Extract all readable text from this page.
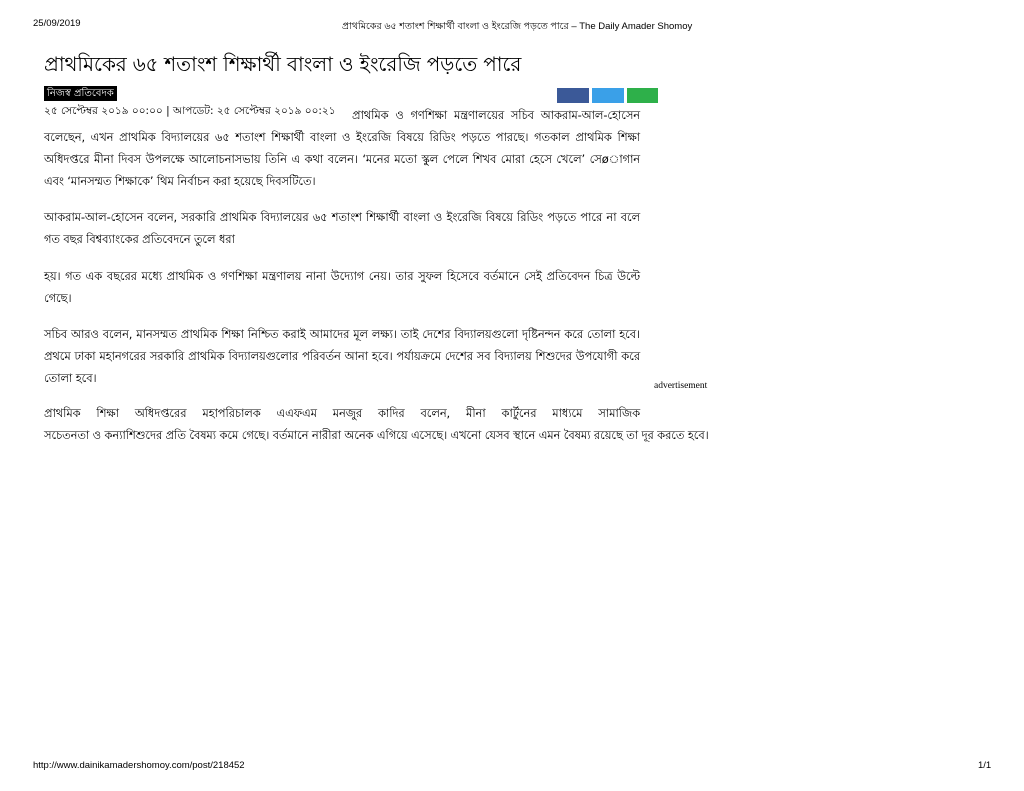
25/09/2019	প্রাথমিকের ৬৫ শতাংশ শিক্ষার্থী বাংলা ও ইংরেজি পড়তে পারে – The Daily Amader Shomoy
প্রাথমিকের ৬৫ শতাংশ শিক্ষার্থী বাংলা ও ইংরেজি পড়তে পারে
নিজস্ব প্রতিবেদক
২৫ সেপ্টেম্বর ২০১৯ ০০:০০ | আপডেট: ২৫ সেপ্টেম্বর ২০১৯ ০০:২১	প্রাথমিক ও গণশিক্ষা মন্ত্রণালয়ের সচিব আকরাম-আল-হোসেন বলেছেন, এখন প্রাথমিক বিদ্যালয়ের ৬৫ শতাংশ শিক্ষার্থী বাংলা ও ইংরেজি বিষয়ে রিডিং পড়তে পারছে। গতকাল প্রাথমিক শিক্ষা অধিদপ্তরে মীনা দিবস উপলক্ষে আলোচনাসভায় তিনি এ কথা বলেন। ‘মনের মতো স্কুল পেলে শিখব মোরা হেসে খেলে’ সেøাগান এবং ‘মানসম্মত শিক্ষাকে’ থিম নির্বাচন করা হয়েছে দিবসটিতে।

আকরাম-আল-হোসেন বলেন, সরকারি প্রাথমিক বিদ্যালয়ের ৬৫ শতাংশ শিক্ষার্থী বাংলা ও ইংরেজি বিষয়ে রিডিং পড়তে পারে না বলে গত বছর বিশ্বব্যাংকের প্রতিবেদনে তুলে ধরা

হয়। গত এক বছরের মধ্যে প্রাথমিক ও গণশিক্ষা মন্ত্রণালয় নানা উদ্যোগ নেয়। তার সুফল হিসেবে বর্তমানে সেই প্রতিবেদন চিত্র উল্টে গেছে।

সচিব আরও বলেন, মানসম্মত প্রাথমিক শিক্ষা নিশ্চিত করাই আমাদের মূল লক্ষ্য। তাই দেশের বিদ্যালয়গুলো দৃষ্টিনন্দন করে তোলা হবে। প্রথমে ঢাকা মহানগরের সরকারি প্রাথমিক বিদ্যালয়গুলোর পরিবর্তন আনা হবে। পর্যায়ক্রমে দেশের সব বিদ্যালয় শিশুদের উপযোগী করে তোলা হবে।

advertisement
প্রাথমিক শিক্ষা অধিদপ্তরের মহাপরিচালক এএফএম মনজুর কাদির বলেন, মীনা কার্টুনের মাধ্যমে সামাজিক
সচেতনতা ও কন্যাশিশুদের প্রতি বৈষম্য কমে গেছে। বর্তমানে নারীরা অনেক এগিয়ে এসেছে। এখনো যেসব স্থানে এমন বৈষম্য রয়েছে তা দূর করতে হবে।
http://www.dainikamadershomoy.com/post/218452	1/1
